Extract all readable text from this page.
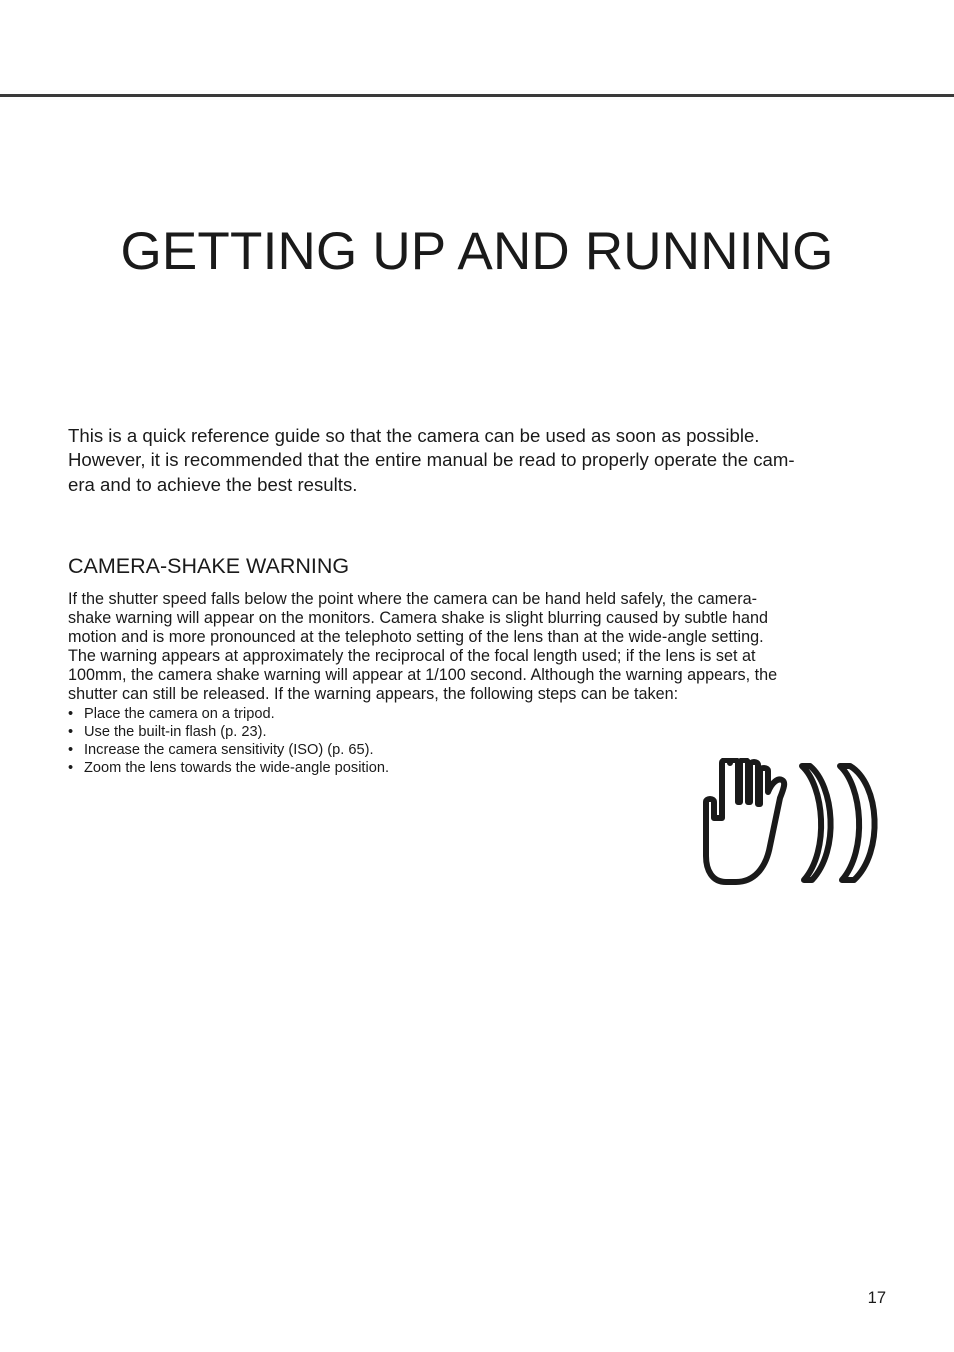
GETTING UP AND RUNNING

This is a quick reference guide so that the camera can be used as soon as possible.
However, it is recommended that the entire manual be read to properly operate the cam-
era and to achieve the best results.

CAMERA-SHAKE WARNING

If the shutter speed falls below the point where the camera can be hand held safely, the camera-
shake warning will appear on the monitors. Camera shake is slight blurring caused by subtle hand
motion and is more pronounced at the telephoto setting of the lens than at the wide-angle setting.
The warning appears at approximately the reciprocal of the focal length used; if the lens is set at
100mm, the camera shake warning will appear at 1/100 second. Although the warning appears, the
shutter can still be released. If the warning appears, the following steps can be taken:

• Place the camera on a tripod.
• Use the built-in flash (p. 23).
• Increase the camera sensitivity (ISO) (p. 65).
• Zoom the lens towards the wide-angle position.
17
